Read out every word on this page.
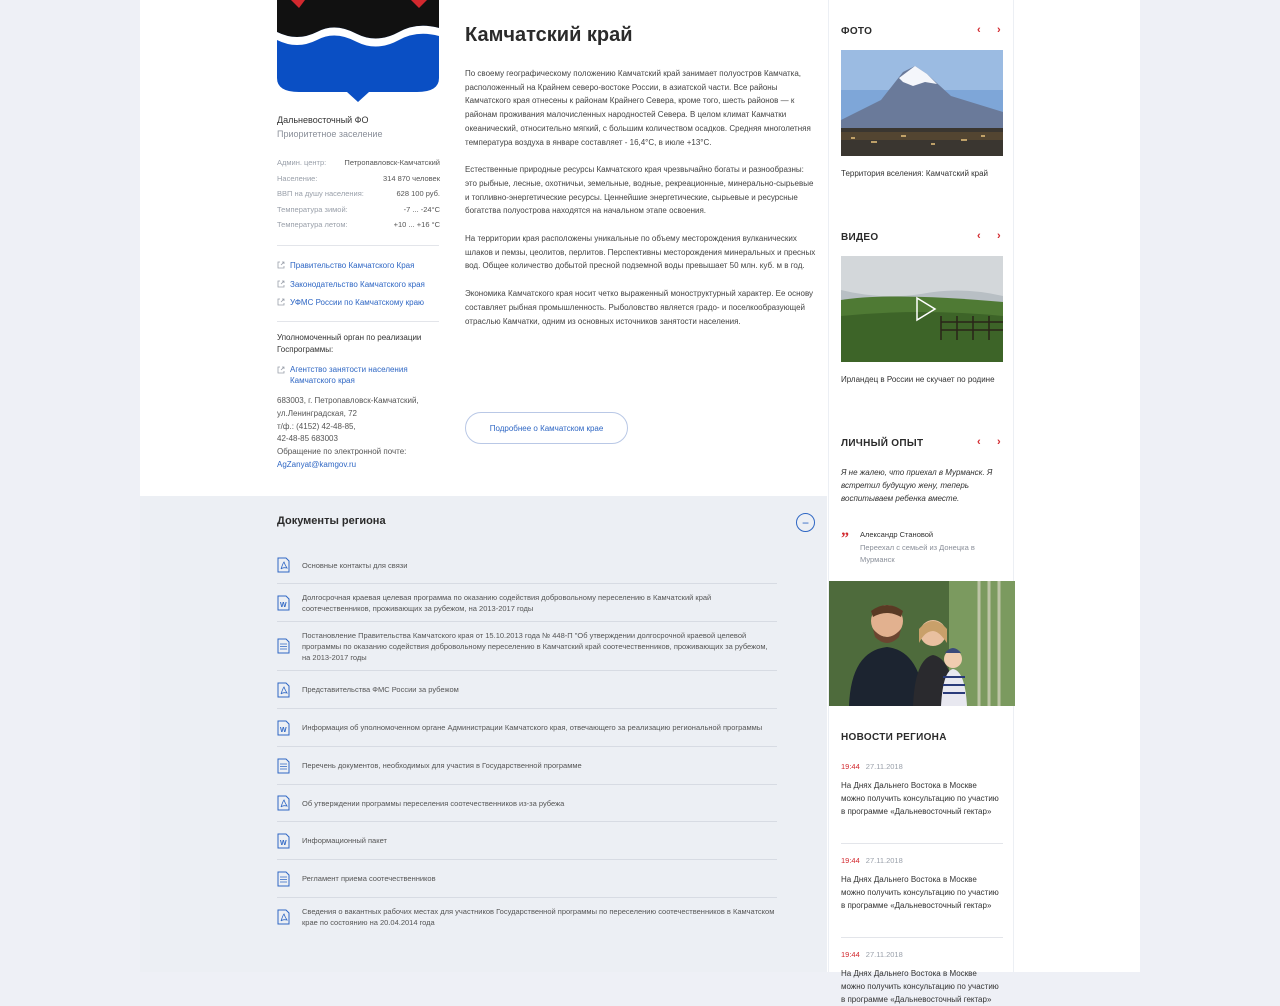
Дальневосточный ФО
Приоритетное заселение
Админ. центр: Петропавловск-Камчатский
Население:	314 870 человек
ВВП на душу населения:	628 100 руб.
Температура зимой:	-7 ... -24°C
Температура летом:	+10 ... +16 °C
Правительство Камчатского Края
Законодательство Камчатского края
УФМС России по Камчатскому краю
Уполномоченный орган по реализации Госпрограммы:
Агентство занятости населения Камчатского края
683003, г. Петропавловск-Камчатский,
ул.Ленинградская, 72
т/ф.: (4152) 42-48-85,
42-48-85 683003
Обращение по электронной почте:
AgZanyat@kamgov.ru
Камчатский край

По своему географическому положению Камчатский край занимает полуостров Камчатка, расположенный на Крайнем северо-востоке России, в азиатской части. Все районы Камчатского края отнесены к районам Крайнего Севера, кроме того, шесть районов — к районам проживания малочисленных народностей Севера. В целом климат Камчатки океанический, относительно мягкий, с большим количеством осадков. Средняя многолетняя температура воздуха в январе составляет - 16,4°C, в июле +13°C.

Естественные природные ресурсы Камчатского края чрезвычайно богаты и разнообразны: это рыбные, лесные, охотничьи, земельные, водные, рекреационные, минерально-сырьевые и топливно-энергетические ресурсы. Ценнейшие энергетические, сырьевые и ресурсные богатства полуострова находятся на начальном этапе освоения.

На территории края расположены уникальные по объему месторождения вулканических шлаков и пемзы, цеолитов, перлитов. Перспективны месторождения минеральных и пресных вод. Общее количество добытой пресной подземной воды превышает 50 млн. куб. м в год.

Экономика Камчатского края носит четко выраженный моноструктурный характер. Ее основу составляет рыбная промышленность. Рыболовство является градо- и поселкообразующей отраслью Камчатки, одним из основных источников занятости населения.

Подробнее о Камчатском крае
Документы региона	−
Основные контакты для связи
W
Долгосрочная краевая целевая программа по оказанию содействия добровольному переселению в Камчатский край соотечественников, проживающих за рубежом, на 2013-2017 годы
Постановление Правительства Камчатского края от 15.10.2013 года № 448-П "Об утверждении долгосрочной краевой целевой программы по оказанию содействия добровольному переселению в Камчатский край соотечественников, проживающих за рубежом, на 2013-2017 годы
Представительства ФМС России за рубежом
W Информация об уполномоченном органе Администрации Камчатского края, отвечающего за реализацию региональной программы
Перечень документов, необходимых для участия в Государственной программе
Об утверждении программы переселения соотечественников из-за рубежа
W Информационный пакет
Регламент приема соотечественников
Сведения о вакантных рабочих местах для участников Государственной программы по переселению соотечественников в Камчатском крае по состоянию на 20.04.2014 года
ФОТО	‹ ›
Территория вселения: Камчатский край
ВИДЕО	‹ ›
Ирландец в России не скучает по родине
ЛИЧНЫЙ ОПЫТ	‹ ›
Я не жалею, что приехал в Мурманск. Я встретил будущую жену, теперь воспитываем ребенка вместе.
” Александр Становой
Переехал с семьей из Донецка в Мурманск
НОВОСТИ РЕГИОНА
19:44 27.11.2018
На Днях Дальнего Востока в Москве можно получить консультацию по участию в программе «Дальневосточный гектар»
19:44 27.11.2018
На Днях Дальнего Востока в Москве можно получить консультацию по участию в программе «Дальневосточный гектар»
19:44 27.11.2018
На Днях Дальнего Востока в Москве можно получить консультацию по участию в программе «Дальневосточный гектар»
